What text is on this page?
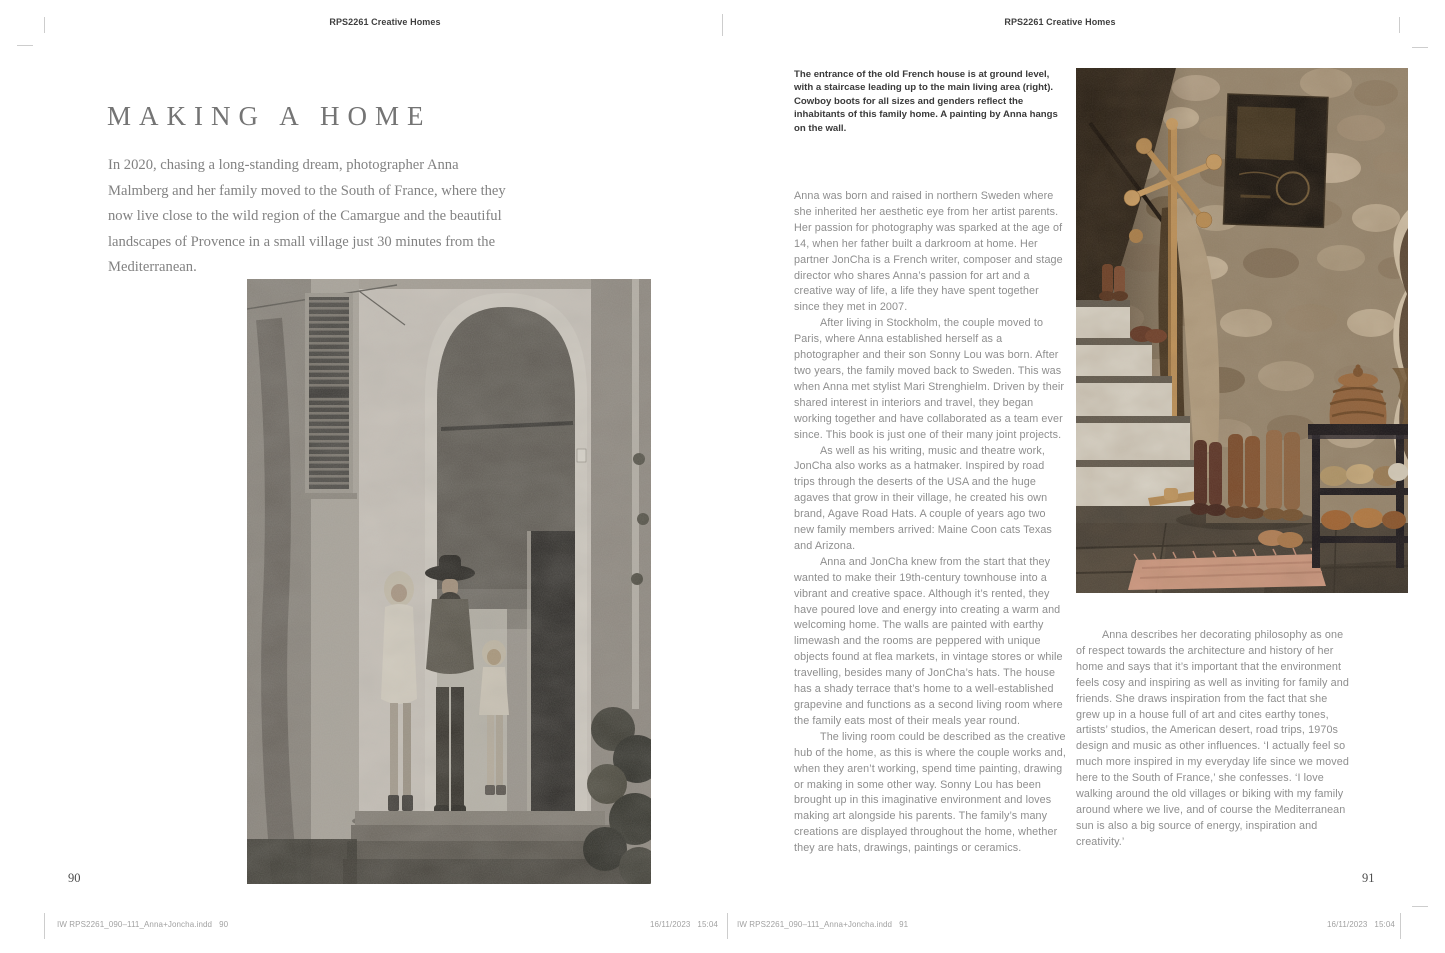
RPS2261 Creative Homes	RPS2261 Creative Homes
MAKING A HOME
In 2020, chasing a long-standing dream, photographer Anna Malmberg and her family moved to the South of France, where they now live close to the wild region of the Camargue and the beautiful landscapes of Provence in a small village just 30 minutes from the Mediterranean.
90
The entrance of the old French house is at ground level, with a staircase leading up to the main living area (right). Cowboy boots for all sizes and genders reflect the inhabitants of this family home. A painting by Anna hangs on the wall.

Anna was born and raised in northern Sweden where she inherited her aesthetic eye from her artist parents. Her passion for photography was sparked at the age of 14, when her father built a darkroom at home. Her partner JonCha is a French writer, composer and stage director who shares Anna’s passion for art and a creative way of life, a life they have spent together since they met in 2007.

After living in Stockholm, the couple moved to Paris, where Anna established herself as a photographer and their son Sonny Lou was born. After two years, the family moved back to Sweden. This was when Anna met stylist Mari Strenghielm. Driven by their shared interest in interiors and travel, they began working together and have collaborated as a team ever since. This book is just one of their many joint projects.

As well as his writing, music and theatre work, JonCha also works as a hatmaker. Inspired by road trips through the deserts of the USA and the huge agaves that grow in their village, he created his own brand, Agave Road Hats. A couple of years ago two new family members arrived: Maine Coon cats Texas and Arizona.

Anna and JonCha knew from the start that they wanted to make their 19th-century townhouse into a vibrant and creative space. Although it’s rented, they have poured love and energy into creating a warm and welcoming home. The walls are painted with earthy limewash and the rooms are peppered with unique objects found at flea markets, in vintage stores or while travelling, besides many of JonCha’s hats. The house has a shady terrace that’s home to a well-established grapevine and functions as a second living room where the family eats most of their meals year round.

The living room could be described as the creative hub of the home, as this is where the couple works and, when they aren’t working, spend time painting, drawing or making in some other way. Sonny Lou has been brought up in this imaginative environment and loves making art alongside his parents. The family’s many creations are displayed throughout the home, whether they are hats, drawings, paintings or ceramics.

Anna describes her decorating philosophy as one of respect towards the architecture and history of her home and says that it’s important that the environment feels cosy and inspiring as well as inviting for family and friends. She draws inspiration from the fact that she grew up in a house full of art and cites earthy tones, artists’ studios, the American desert, road trips, 1970s design and music as other influences. ‘I actually feel so much more inspired in my everyday life since we moved here to the South of France,’ she confesses. ‘I love walking around the old villages or biking with my family around where we live, and of course the Mediterranean sun is also a big source of energy, inspiration and creativity.’

91
IW RPS2261_090–111_Anna+Joncha.indd   90	16/11/2023   15:04 IW RPS2261_090–111_Anna+Joncha.indd   91	16/11/2023   15:04
